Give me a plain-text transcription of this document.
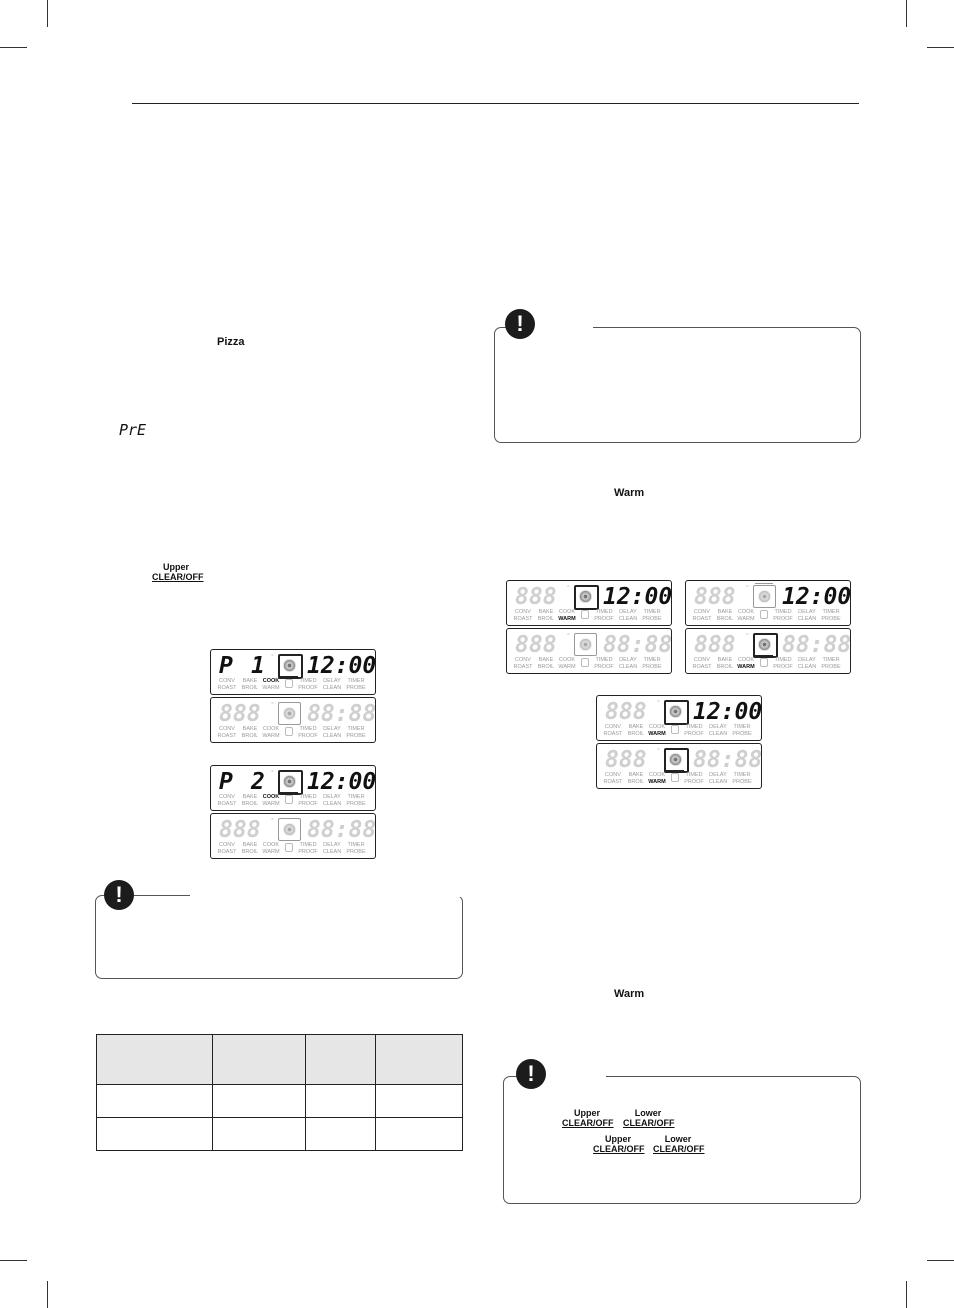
Pizza
PrE
Upper
CLEAR/OFF
P 1 ° 12:00
CONV
ROAST
BAKE
BROIL
COOK
WARM
TIMED
PROOF
DELAY
CLEAN
TIMER
PROBE
888 ° 88:88
CONV
ROAST
BAKE
BROIL
COOK
WARM
TIMED
PROOF
DELAY
CLEAN
TIMER
PROBE
P 2 ° 12:00
CONV
ROAST
BAKE
BROIL
COOK
WARM
TIMED
PROOF
DELAY
CLEAN
TIMER
PROBE
888 ° 88:88
CONV
ROAST
BAKE
BROIL
COOK
WARM
TIMED
PROOF
DELAY
CLEAN
TIMER
PROBE
!

!
Warm
888 ° 12:00
CONV
ROAST
BAKE
BROIL
COOK
WARM
TIMED
PROOF
DELAY
CLEAN
TIMER
PROBE
888 ° 88:88
CONV
ROAST
BAKE
BROIL
COOK
WARM
TIMED
PROOF
DELAY
CLEAN
TIMER
PROBE
888 ° 12:00
CONV
ROAST
BAKE
BROIL
COOK
WARM
TIMED
PROOF
DELAY
CLEAN
TIMER
PROBE
888 ° 88:88
CONV
ROAST
BAKE
BROIL
COOK
WARM
TIMED
PROOF
DELAY
CLEAN
TIMER
PROBE
888 ° 12:00
CONV
ROAST
BAKE
BROIL
COOK
WARM
TIMED
PROOF
DELAY
CLEAN
TIMER
PROBE
888 ° 88:88
CONV
ROAST
BAKE
BROIL
COOK
WARM
TIMED
PROOF
DELAY
CLEAN
TIMER
PROBE
Warm
!
Upper
CLEAR/OFF
Lower
CLEAR/OFF
Upper
CLEAR/OFF
Lower
CLEAR/OFF
